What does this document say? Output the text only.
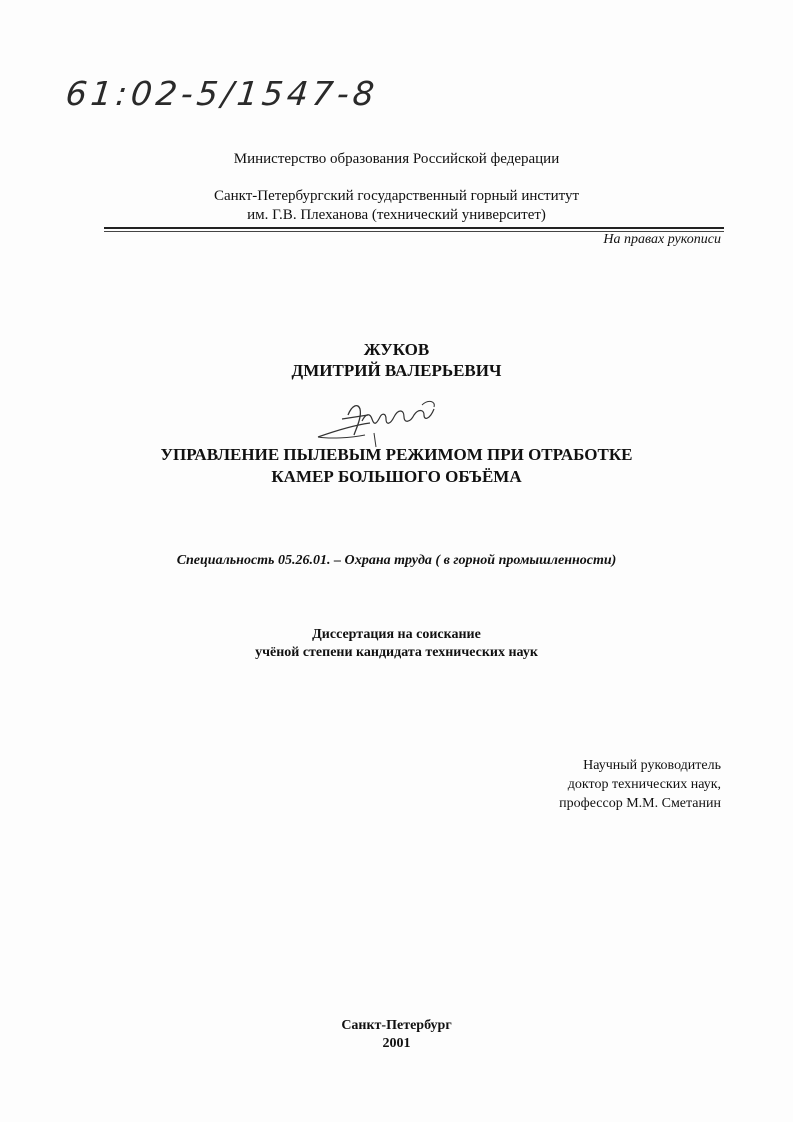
61:02-5/1547-8
Министерство образования Российской федерации
Санкт-Петербургский государственный горный институт
им. Г.В. Плеханова (технический университет)
На правах рукописи
ЖУКОВ
ДМИТРИЙ ВАЛЕРЬЕВИЧ
УПРАВЛЕНИЕ ПЫЛЕВЫМ РЕЖИМОМ ПРИ ОТРАБОТКЕ
КАМЕР БОЛЬШОГО ОБЪЁМА
Специальность 05.26.01. – Охрана труда ( в горной промышленности)
Диссертация на соискание
учёной степени кандидата технических наук
Научный руководитель
доктор технических наук,
профессор М.М. Сметанин
Санкт-Петербург
2001
